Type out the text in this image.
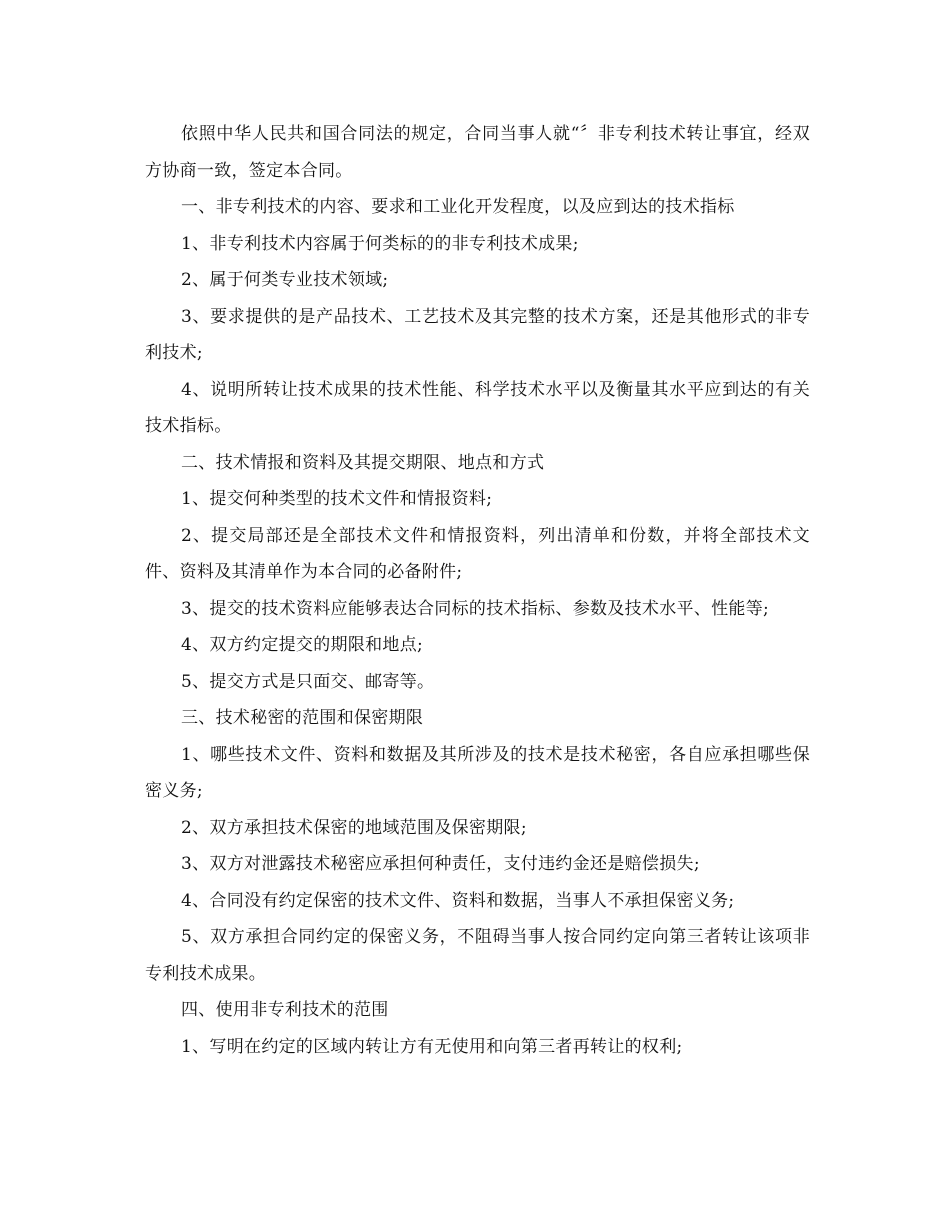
依照中华人民共和国合同法的规定，合同当事人就“〞非专利技术转让事宜，经双方协商一致，签定本合同。

一、非专利技术的内容、要求和工业化开发程度，以及应到达的技术指标

1、非专利技术内容属于何类标的的非专利技术成果;

2、属于何类专业技术领域;

3、要求提供的是产品技术、工艺技术及其完整的技术方案，还是其他形式的非专利技术;

4、说明所转让技术成果的技术性能、科学技术水平以及衡量其水平应到达的有关技术指标。

二、技术情报和资料及其提交期限、地点和方式

1、提交何种类型的技术文件和情报资料;

2、提交局部还是全部技术文件和情报资料，列出清单和份数，并将全部技术文件、资料及其清单作为本合同的必备附件;

3、提交的技术资料应能够表达合同标的技术指标、参数及技术水平、性能等;

4、双方约定提交的期限和地点;

5、提交方式是只面交、邮寄等。

三、技术秘密的范围和保密期限

1、哪些技术文件、资料和数据及其所涉及的技术是技术秘密，各自应承担哪些保密义务;

2、双方承担技术保密的地域范围及保密期限;

3、双方对泄露技术秘密应承担何种责任，支付违约金还是赔偿损失;

4、合同没有约定保密的技术文件、资料和数据，当事人不承担保密义务;

5、双方承担合同约定的保密义务，不阻碍当事人按合同约定向第三者转让该项非专利技术成果。

四、使用非专利技术的范围

1、写明在约定的区域内转让方有无使用和向第三者再转让的权利;
